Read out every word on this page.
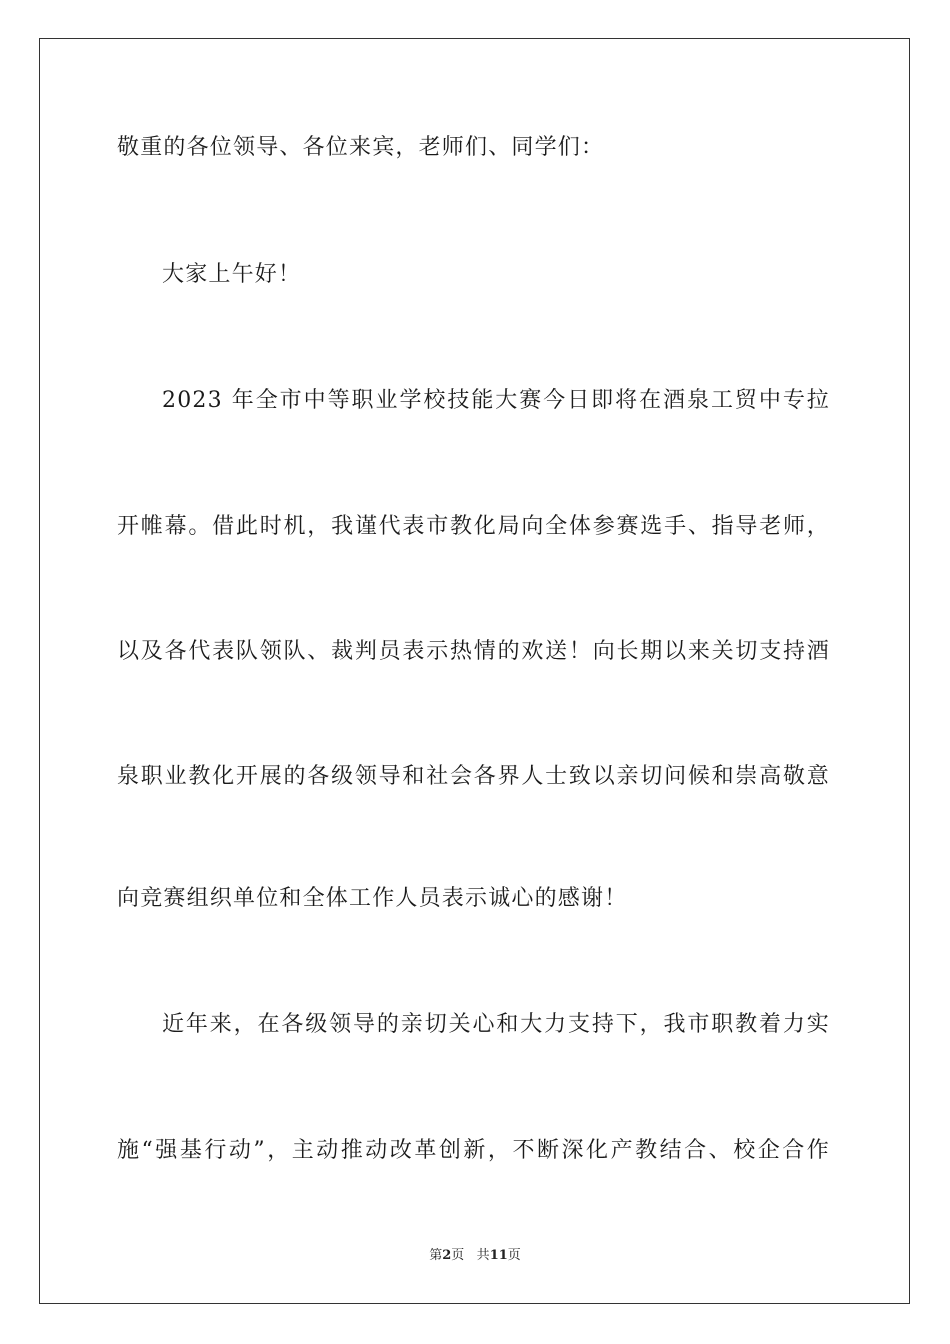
敬重的各位领导、各位来宾，老师们、同学们：
大家上午好！
2023 年全市中等职业学校技能大赛今日即将在酒泉工贸中专拉
开帷幕。借此时机，我谨代表市教化局向全体参赛选手、指导老师，
以及各代表队领队、裁判员表示热情的欢送！向长期以来关切支持酒
泉职业教化开展的各级领导和社会各界人士致以亲切问候和崇高敬意
向竞赛组织单位和全体工作人员表示诚心的感谢！
近年来，在各级领导的亲切关心和大力支持下，我市职教着力实
施“强基行动”，主动推动改革创新，不断深化产教结合、校企合作
第2页 共11页
